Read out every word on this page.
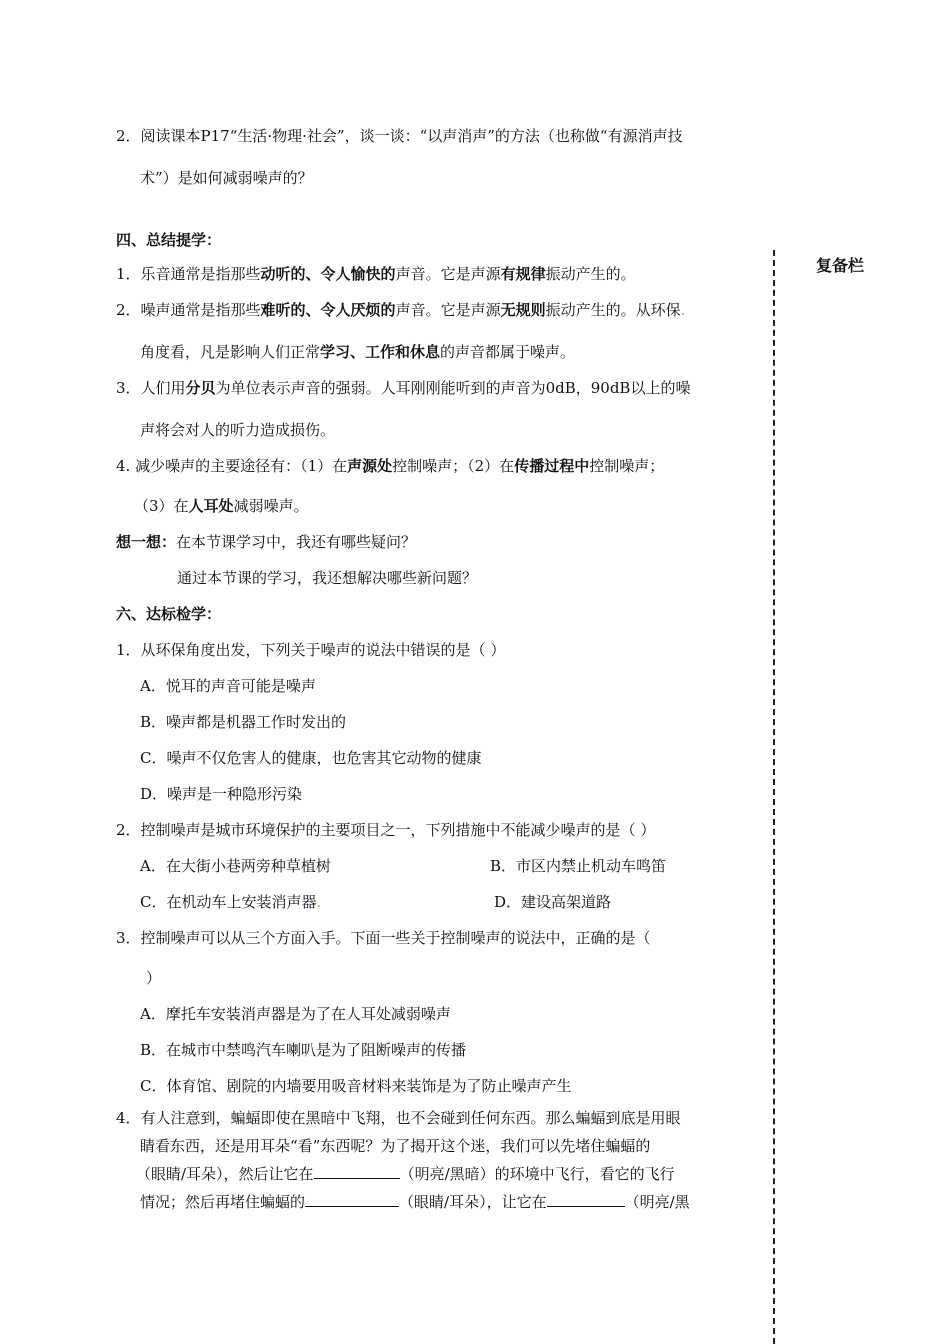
复备栏
2．阅读课本P17“生活·物理·社会”，谈一谈：“以声消声”的方法（也称做“有源消声技
术”）是如何减弱噪声的？
四、总结提学：
1．乐音通常是指那些动听的、令人愉快的声音。它是声源有规律振动产生的。
2．噪声通常是指那些难听的、令人厌烦的声音。它是声源无规则振动产生的。从环保.
角度看，凡是影响人们正常学习、工作和休息的声音都属于噪声。
3．人们用分贝为单位表示声音的强弱。人耳刚刚能听到的声音为0dB，90dB以上的噪
声将会对人的听力造成损伤。
4. 减少噪声的主要途径有：（1）在声源处控制噪声；（2）在传播过程中控制噪声；
（3）在人耳处减弱噪声。
想一想：在本节课学习中，我还有哪些疑问？
通过本节课的学习，我还想解决哪些新问题？
六、达标检学：
1．从环保角度出发，下列关于噪声的说法中错误的是（ ）
A．悦耳的声音可能是噪声
B．噪声都是机器工作时发出的
C．噪声不仅危害人的健康，也危害其它动物的健康
D．噪声是一种隐形污染
2．控制噪声是城市环境保护的主要项目之一，下列措施中不能减少噪声的是（ ）
A．在大街小巷两旁种草植树	B．市区内禁止机动车鸣笛
C．在机动车上安装消声器.	D．建设高架道路
3．控制噪声可以从三个方面入手。下面一些关于控制噪声的说法中，正确的是（
）
A．摩托车安装消声器是为了在人耳处减弱噪声
B．在城市中禁鸣汽车喇叭是为了阻断噪声的传播
C．体育馆、剧院的内墙要用吸音材料来装饰是为了防止噪声产生
4．有人注意到，蝙蝠即使在黑暗中飞翔，也不会碰到任何东西。那么蝙蝠到底是用眼
睛看东西，还是用耳朵“看”东西呢？为了揭开这个迷，我们可以先堵住蝙蝠的
（眼睛/耳朵），然后让它在	（明亮/黑暗）的环境中飞行，看它的飞行
情况；然后再堵住蝙蝠的	（眼睛/耳朵），让它在	（明亮/黑
